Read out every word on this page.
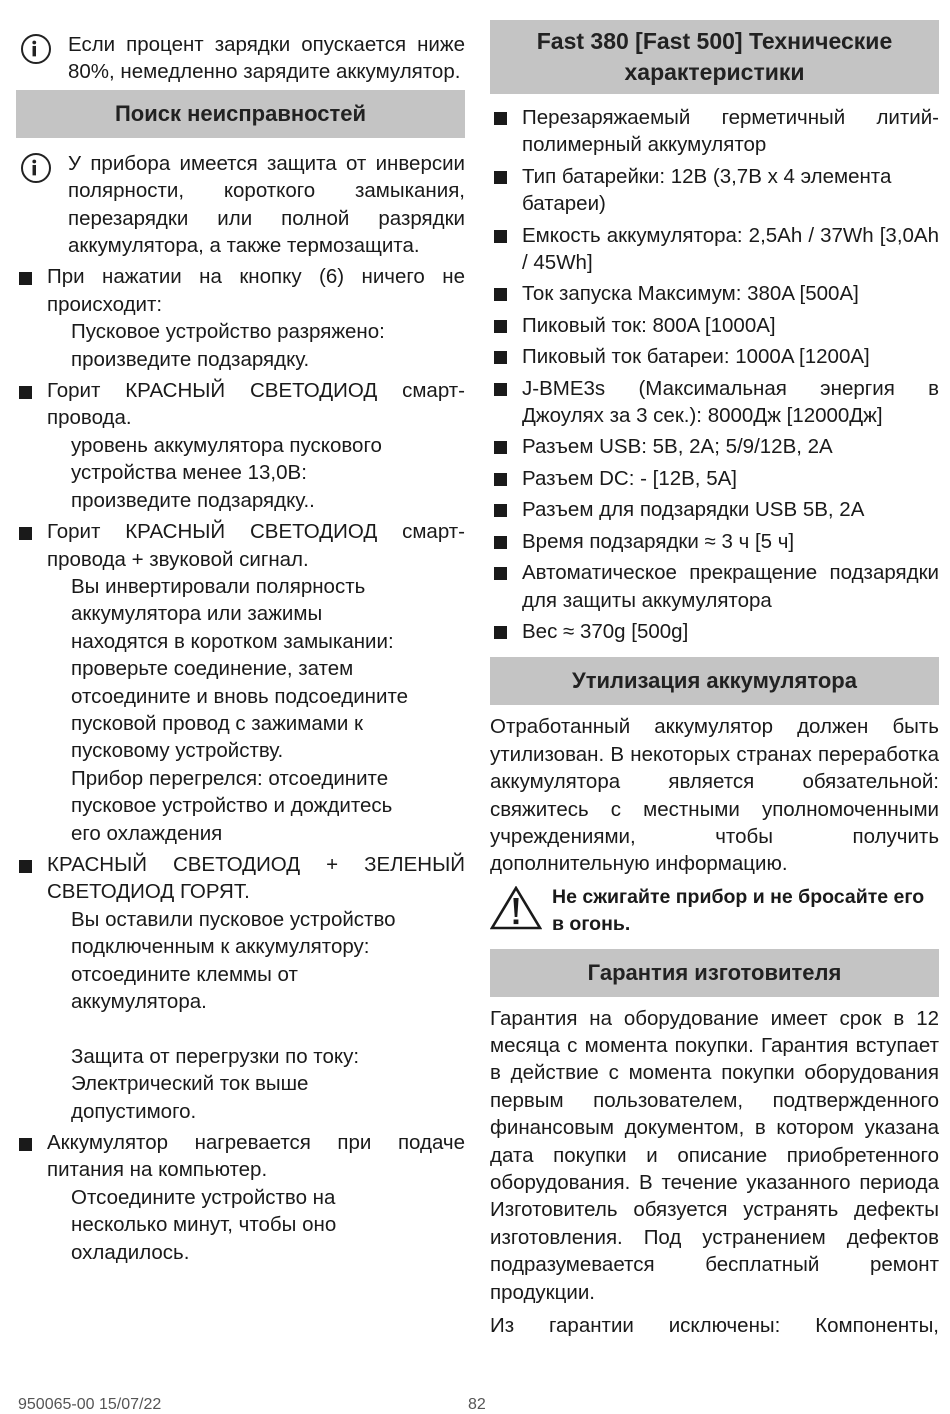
Если процент зарядки опускается ниже 80%, немедленно зарядите аккумулятор.
Поиск неисправностей
У прибора имеется защита от инверсии полярности, короткого замыкания, перезарядки или полной разрядки аккумулятора, а также термозащита.
При нажатии на кнопку (6) ничего не происходит:
Пусковое устройство разряжено:
произведите подзарядку.
Горит КРАСНЫЙ СВЕТОДИОД смарт-провода.
уровень аккумулятора пускового
устройства менее 13,0В:
произведите подзарядку..
Горит КРАСНЫЙ СВЕТОДИОД смарт-провода + звуковой сигнал.
Вы инвертировали полярность
аккумулятора или зажимы
находятся в коротком замыкании:
проверьте соединение, затем
отсоедините и вновь подсоедините
пусковой провод с зажимами к
пусковому устройству.
Прибор перегрелся: отсоедините
пусковое устройство и дождитесь
его охлаждения
КРАСНЫЙ СВЕТОДИОД + ЗЕЛЕНЫЙ СВЕТОДИОД ГОРЯТ.
Вы оставили пусковое устройство
подключенным к аккумулятору:
отсоедините клеммы от
аккумулятора.

Защита от перегрузки по току:
Электрический ток выше
допустимого.
Аккумулятор нагревается при подаче питания на компьютер.
Отсоедините устройство на
несколько минут, чтобы оно
охладилось.
Fast 380 [Fast 500] Технические характеристики
Перезаряжаемый герметичный литий-полимерный аккумулятор
Тип батарейки: 12В (3,7В х 4 элемента батареи)
Емкость аккумулятора: 2,5Ah / 37Wh [3,0Ah / 45Wh]
Ток запуска Максимум: 380A [500A]
Пиковый ток: 800A [1000A]
Пиковый ток батареи: 1000A [1200A]
J-BME3s (Максимальная энергия в Джоулях за 3 сек.): 8000Дж [12000Дж]
Разъем USB: 5В, 2A; 5/9/12В, 2A
Разъем DC: - [12В, 5A]
Разъем для подзарядки USB 5В, 2A
Время подзарядки ≈ 3 ч [5 ч]
Автоматическое прекращение подзарядки для защиты аккумулятора
Вес ≈ 370g [500g]
Утилизация аккумулятора
Отработанный аккумулятор должен быть утилизован. В некоторых странах переработка аккумулятора является обязательной: свяжитесь с местными уполномоченными учреждениями, чтобы получить дополнительную информацию.
Не сжигайте прибор и не бросайте его в огонь.
Гарантия изготовителя
Гарантия на оборудование имеет срок в 12 месяца с момента покупки. Гарантия вступает в действие с момента покупки оборудования первым пользователем, подтвержденного финансовым документом, в котором указана дата покупки и описание приобретенного оборудования. В течение указанного периода Изготовитель обязуется устранять дефекты изготовления. Под устранением дефектов подразумевается бесплатный ремонт продукции.
Из гарантии исключены: Компоненты,
950065-00 15/07/22	82
